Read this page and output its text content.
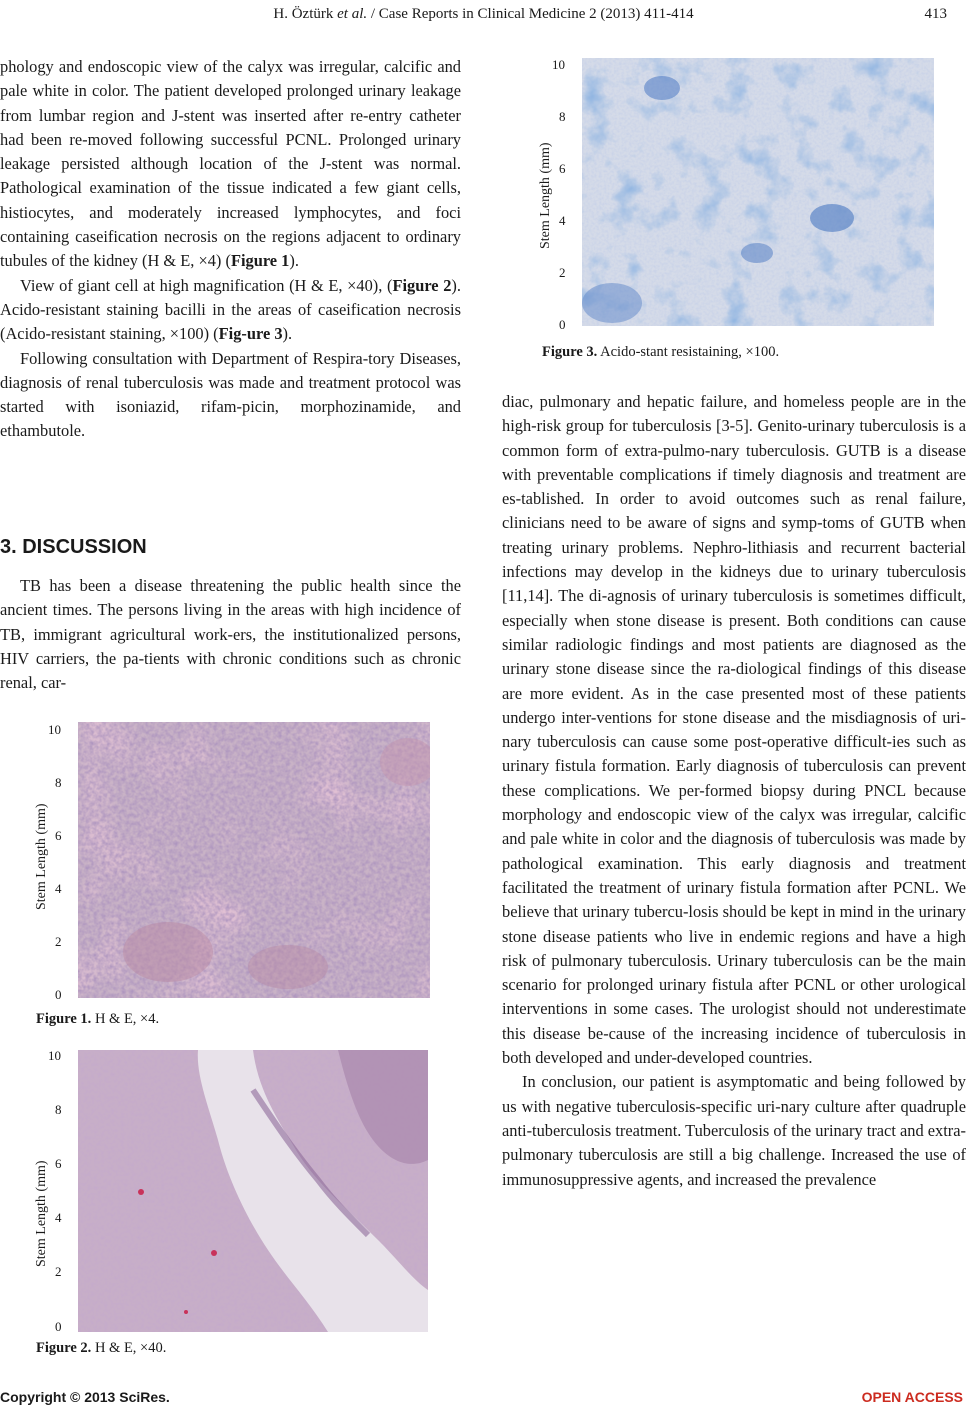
H. Öztürk et al. / Case Reports in Clinical Medicine 2 (2013) 411-414	413

phology and endoscopic view of the calyx was irregular, calcific and pale white in color. The patient developed prolonged urinary leakage from lumbar region and J-stent was inserted after re-entry catheter had been re-moved following successful PCNL. Prolonged urinary leakage persisted although location of the J-stent was normal. Pathological examination of the tissue indicated a few giant cells, histiocytes, and moderately increased lymphocytes, and foci containing caseification necrosis on the regions adjacent to ordinary tubules of the kidney (H & E, ×4) (Figure 1).

View of giant cell at high magnification (H & E, ×40), (Figure 2). Acido-resistant staining bacilli in the areas of caseification necrosis (Acido-resistant staining, ×100) (Fig-ure 3).

Following consultation with Department of Respira-tory Diseases, diagnosis of renal tuberculosis was made and treatment protocol was started with isoniazid, rifam-picin, morphozinamide, and ethambutole.

3. DISCUSSION

TB has been a disease threatening the public health since the ancient times. The persons living in the areas with high incidence of TB, immigrant agricultural work-ers, the institutionalized persons, HIV carriers, the pa-tients with chronic conditions such as chronic renal, car-

Stem Length (mm)
10
8
6
4
2
0
Figure 1. H & E, ×4.
Stem Length (mm)
10
8
6
4
2
0
Figure 2. H & E, ×40.
Stem Length (mm)
10
8
6
4
2
0
Figure 3. Acido-stant resistaining, ×100.

diac, pulmonary and hepatic failure, and homeless people are in the high-risk group for tuberculosis [3-5]. Genito-urinary tuberculosis is a common form of extra-pulmo-nary tuberculosis. GUTB is a disease with preventable complications if timely diagnosis and treatment are es-tablished. In order to avoid outcomes such as renal failure, clinicians need to be aware of signs and symp-toms of GUTB when treating urinary problems. Nephro-lithiasis and recurrent bacterial infections may develop in the kidneys due to urinary tuberculosis [11,14]. The di-agnosis of urinary tuberculosis is sometimes difficult, especially when stone disease is present. Both conditions can cause similar radiologic findings and most patients are diagnosed as the urinary stone disease since the ra-diological findings of this disease are more evident. As in the case presented most of these patients undergo inter-ventions for stone disease and the misdiagnosis of uri-nary tuberculosis can cause some post-operative difficult-ies such as urinary fistula formation. Early diagnosis of tuberculosis can prevent these complications. We per-formed biopsy during PNCL because morphology and endoscopic view of the calyx was irregular, calcific and pale white in color and the diagnosis of tuberculosis was made by pathological examination. This early diagnosis and treatment facilitated the treatment of urinary fistula formation after PCNL. We believe that urinary tubercu-losis should be kept in mind in the urinary stone disease patients who live in endemic regions and have a high risk of pulmonary tuberculosis. Urinary tuberculosis can be the main scenario for prolonged urinary fistula after PCNL or other urological interventions in some cases. The urologist should not underestimate this disease be-cause of the increasing incidence of tuberculosis in both developed and under-developed countries.

In conclusion, our patient is asymptomatic and being followed by us with negative tuberculosis-specific uri-nary culture after quadruple anti-tuberculosis treatment. Tuberculosis of the urinary tract and extra-pulmonary tuberculosis are still a big challenge. Increased the use of immunosuppressive agents, and increased the prevalence

Copyright © 2013 SciRes.	OPEN ACCESS
